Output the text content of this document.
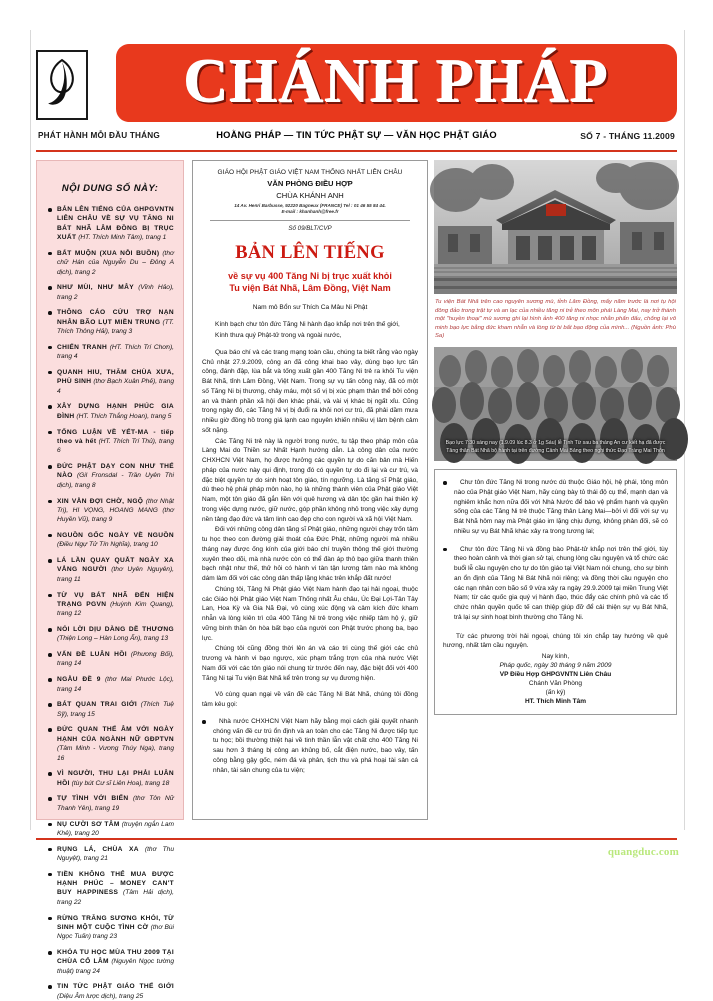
CHÁNH PHÁP
PHÁT HÀNH MỖI ĐẦU THÁNG	HOẰNG PHÁP — TIN TỨC PHẬT SỰ — VĂN HỌC PHẬT GIÁO	SỐ 7 - THÁNG 11.2009
NỘI DUNG SỐ NÀY:
BẢN LÊN TIẾNG CỦA GHPGVNTN LIÊN CHÂU VỀ SỰ VỤ TĂNG NI BÁT NHÃ LÂM ĐỒNG BỊ TRỤC XUẤT (HT. Thích Minh Tâm), trang 1
BẤT MUỘN (XUA NỖI BUỒN) (thơ chữ Hán của Nguyễn Du – Đông A dịch), trang 2
NHƯ MÙI, NHƯ MÂY (Vĩnh Hảo), trang 2
THÔNG CÁO CỨU TRỢ NẠN NHÂN BÃO LỤT MIỀN TRUNG (TT. Thích Thông Hải), trang 3
CHIẾN TRANH (HT. Thích Trí Chơn), trang 4
QUANH HIU, THĂM CHÙA XƯA, PHÙ SINH (thơ Bạch Xuân Phẻ), trang 4
XÂY DỰNG HẠNH PHÚC GIA ĐÌNH (HT. Thích Thắng Hoan), trang 5
TỔNG LUẬN VỀ YẾT-MA - tiếp theo và hết (HT. Thích Trí Thủ), trang 6
ĐỨC PHẬT DẠY CON NHƯ THẾ NÀO (Gil Fronsdal - Trần Uyên Thi dịch), trang 8
XIN VẪN ĐỢI CHỜ, NGỘ (thơ Nhật Trị), HI VỌNG, HOANG MANG (thơ Huyền Vũ), trang 9
NGUỒN GỐC NGÀY VỀ NGUỒN (Điều Ngự Tử Tín Nghĩa), trang 10
LÁ LẦN QUAY QUẮT NGÀY XA VẮNG NGƯỜI (thơ Uyên Nguyên), trang 11
TỪ VỤ BÁT NHÃ ĐẾN HIỆN TRẠNG PGVN (Huỳnh Kim Quang), trang 12
NÓI LỜI DỊU DÀNG DỄ THƯƠNG (Thiện Long – Hàn Long Ẩn), trang 13
VẤN ĐỀ LUÂN HỒI (Phương Bối), trang 14
NGẪU ĐỀ 9 (thơ Mai Phước Lộc), trang 14
BÁT QUAN TRAI GIỚI (Thích Tuệ Sỹ), trang 15
ĐỨC QUAN THẾ ÂM VỚI NGÀY HẠNH CỦA NGÀNH NỮ GĐPTVN (Tâm Minh - Vương Thúy Nga), trang 16
VÌ NGƯỜI, THU LẠI PHẢI LUÂN HỒI (tùy bút Cư sĩ Liên Hoa), trang 18
TỰ TÌNH VỚI BIỂN (thơ Tôn Nữ Thanh Yên), trang 19
NỤ CƯỜI SƠ TÂM (truyện ngắn Lam Khê), trang 20
RỤNG LÁ, CHÙA XA (thơ Thu Nguyệt), trang 21
TIỀN KHÔNG THỂ MUA ĐƯỢC HẠNH PHÚC – MONEY CAN'T BUY HAPPINESS (Tâm Hải dịch), trang 22
RỪNG TRĂNG SƯƠNG KHÓI, TỪ SINH MỘT CUỘC TÌNH CỜ (thơ Bùi Ngọc Tuấn) trang 23
KHÓA TU HỌC MÙA THU 2009 TẠI CHÙA CỔ LÂM (Nguyên Ngọc tường thuật) trang 24
TIN TỨC PHẬT GIÁO THẾ GIỚI (Diệu Âm lược dịch), trang 25
GIÁO HỘI PHẬT GIÁO VIỆT NAM THỐNG NHẤT LIÊN CHÂU
VĂN PHÒNG ĐIỀU HỢP
CHÙA KHÁNH ANH
14 Av. Henri Barbusse, 92220 Bagneux (FRANCE) Tel : 01 46 55 84 44.
E-mail : khanhanh@free.fr
Số 09/BLT/CVP
BẢN LÊN TIẾNG
về sự vụ 400 Tăng Ni bị trục xuất khỏi
Tu viện Bát Nhã, Lâm Đồng, Việt Nam
Nam mô Bổn sư Thích Ca Mâu Ni Phật

Kính bạch chư tôn đức Tăng Ni hành đạo khắp nơi trên thế giới,

Kính thưa quý Phật-tử trong và ngoài nước,

Qua báo chí và các trang mạng toàn cầu, chúng ta biết rằng vào ngày Chủ nhật 27.9.2009, công an đã công khai bao vây, dùng bạo lực tấn công, đánh đập, lùa bắt và tống xuất gần 400 Tăng Ni trẻ ra khỏi Tu viện Bát Nhã, tỉnh Lâm Đồng, Việt Nam. Trong sự vụ tấn công này, đã có một số Tăng Ni bị thương, chảy máu, một số vị bị xúc phạm thân thể bởi công an và thành phần xã hội đen khác phái, và vài vị khác bị ngất xỉu. Cũng trong ngày đó, các Tăng Ni vị bị đuổi ra khỏi nơi cư trú, đã phải dầm mưa nhiều giờ đồng hồ trong giá lạnh cao nguyên khiến nhiều vị lâm bệnh cảm sốt nặng.

Các Tăng Ni trẻ này là người trong nước, tu tập theo pháp môn của Làng Mai do Thiền sư Nhất Hạnh hướng dẫn. Là công dân của nước CHXHCN Việt Nam, họ được hưởng các quyền tự do căn bản mà Hiến pháp của nước này qui định, trong đó có quyền tự do đi lại và cư trú, và đặc biệt quyền tự do sinh hoạt tôn giáo, tín ngưỡng. Là tăng sĩ Phật giáo, dù theo hệ phái pháp môn nào, họ là những thành viên của Phật giáo Việt Nam, một tôn giáo đã gắn liền với quê hương và dân tộc gần hai thiên kỷ trong việc dựng nước, giữ nước, góp phần không nhỏ trong việc xây dựng nền tảng đạo đức và tâm linh cao đẹp cho con người và xã hội Việt Nam.

Đối với những công dân tăng sĩ Phật giáo, những người chạy trốn tâm tu học theo con đường giải thoát của Đức Phật, những người mà nhiều tháng nay được ống kính của giới báo chí truyền thông thế giới thường xuyên theo dõi, mà nhà nước còn có thể đàn áp thô bạo giữa thanh thiên bạch nhật như thế, thử hỏi có hành vi tàn tận lương tâm nào mà không dám làm đối với các công dân thấp lặng khác trên khắp đất nước!

Chúng tôi, Tăng Ni Phật giáo Việt Nam hành đạo tại hải ngoại, thuộc các Giáo hội Phật giáo Việt Nam Thống nhất Âu châu, Úc Đại Lợi-Tân Tây Lan, Hoa Kỳ và Gia Nã Đại, vô cùng xúc động và cảm kích đức kham nhẫn và lòng kiên trì của 400 Tăng Ni trẻ trong việc nhiếp tâm hộ ý, giữ vững bình thần ôn hòa bất bạo của người con Phật trước phong ba, bạo lực.

Chúng tôi cũng đồng thời lên án và cáo tri cùng thế giới các chủ trương và hành vi bạo ngược, xúc phạm trắng trợn của nhà nước Việt Nam đối với các tôn giáo nói chung từ trước đến nay, đặc biệt đối với 400 Tăng Ni tại Tu viện Bát Nhã kể trên trong sự vụ đương hiện.

Vô cùng quan ngại về vấn đề các Tăng Ni Bát Nhã, chúng tôi đồng tâm kêu gọi:

Nhà nước CHXHCN Việt Nam hãy bằng mọi cách giải quyết nhanh chóng vấn đề cư trú ổn định và an toàn cho các Tăng Ni được tiếp tục tu học; bồi thường thiệt hại về tinh thần lẫn vật chất cho 400 Tăng Ni sau hơn 3 tháng bị công an khủng bố, cắt điện nước, bao vây, tấn công bằng gậy gốc, ném đá và phân, tịch thu và phá hoại tài sản cá nhân, tài sản chung của tu viện;

Tu viện Bát Nhã trên cao nguyên sương mù, tỉnh Lâm Đồng, mấy năm trước là nơi tụ hội đông đảo trong trật tự và an lạc của nhiều tăng ni trẻ theo môn phái Làng Mai, nay trở thành một "huyền thoại" mù sương ghi lại hình ảnh 400 tăng ni nhọc nhằn phấn đấu, chống lại vô minh bạo lực bằng đức kham nhẫn và lòng từ bi bất bạo động của mình... (Nguồn ảnh: Phù Sa)
Bạo lực 7:30 sáng nay (1.9.09 lúc 8.3 ở 1g Sáu) lễ Tịnh Từ sau ba tháng An cư kiết hạ đã được Tăng thân Bát Nhã bộ hành tại trên đường Cảnh Mai Bảng theo nghi thức Đạo Tràng Mai Thôn

Chư tôn đức Tăng Ni trong nước dù thuộc Giáo hội, hệ phái, tông môn nào của Phật giáo Việt Nam, hãy cùng bày tỏ thái độ cụ thể, mạnh dạn và nghiêm khắc hơn nữa đối với Nhà Nước để bảo vệ phẩm hạnh và quyền sống của các Tăng Ni trẻ thuộc Tăng thân Làng Mai—bởi vì đối với sự vụ Bát Nhã hôm nay mà Phật giáo im lặng chịu đựng, không phản đối, sẽ có nhiều sự vụ Bát Nhã khác xảy ra trong tương lai;

Chư tôn đức Tăng Ni và đồng bào Phật-tử khắp nơi trên thế giới, tùy theo hoàn cảnh và thời gian sở tại, chung lòng cầu nguyện và tổ chức các buổi lễ cầu nguyện cho tự do tôn giáo tại Việt Nam nói chung, cho sự bình an ổn định của Tăng Ni Bát Nhã nói riêng; và đồng thời cầu nguyện cho các nạn nhân cơn bão số 9 vừa xảy ra ngày 29.9.2009 tại miền Trung Việt Nam; từ các quốc gia quý vị hành đạo, thúc đẩy các chính phủ và các tổ chức nhân quyền quốc tế can thiệp giúp đỡ để cải thiện sự vụ Bát Nhã, trả lại sự sinh hoạt bình thường cho Tăng Ni.

Từ các phương trời hải ngoại, chúng tôi xin chắp tay hướng về quê hương, nhất tâm cầu nguyện.

Nay kính,
Pháp quốc, ngày 30 tháng 9 năm 2009
VP Điều Hợp GHPGVNTN Liên Châu
Chánh Văn Phòng
(ấn ký)
HT. Thích Minh Tâm
quangduc.com
